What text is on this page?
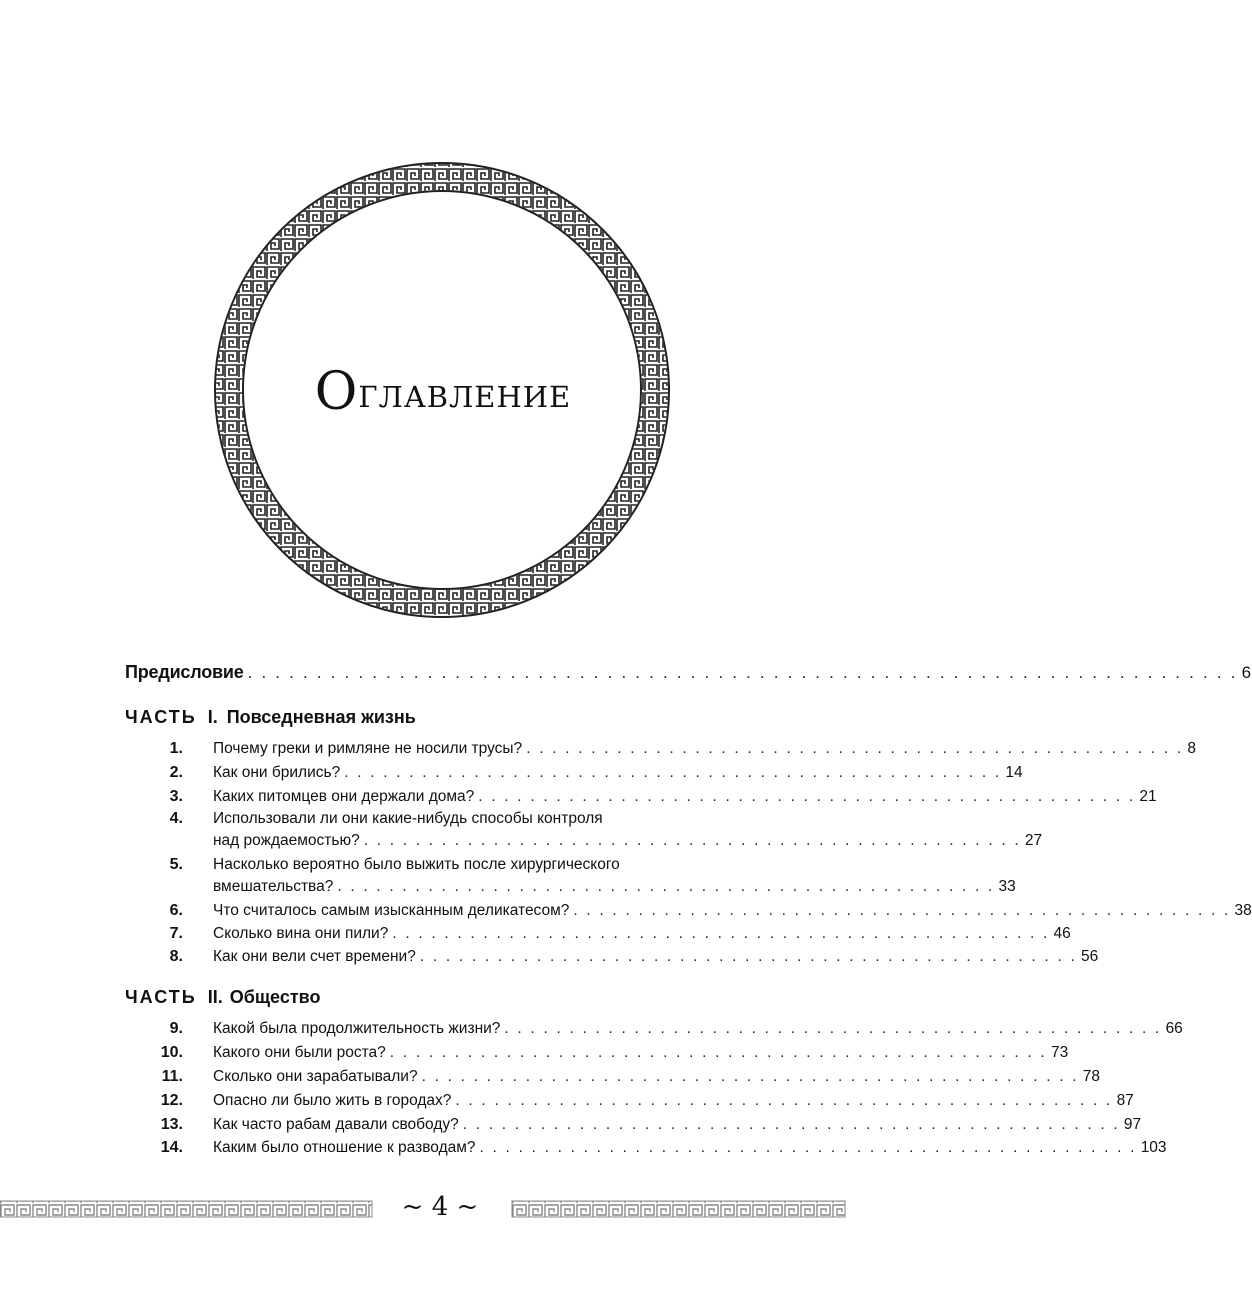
О главление
Предисловие . . . . . . . . . . . . . . . . . . . . . . . . . . . . . . . . . . . . . . . . . . . . . . . . . . . . . . . . . . . . . . . . . . . . . . . . 6
ЧАСТЬ I. Повседневная жизнь
1. Почему греки и римляне не носили трусы? . . . . . . . . . . . . . . . . . . . . . . . . . . . . . . . . . . . . . . . . . . . . . . . . . . . 8
2. Как они брились? . . . . . . . . . . . . . . . . . . . . . . . . . . . . . . . . . . . . . . . . . . . . . . . . . . . 14
3. Каких питомцев они держали дома? . . . . . . . . . . . . . . . . . . . . . . . . . . . . . . . . . . . . . . . . . . . . . . . . . . . 21
4. Использовали ли они какие-нибудь способы контроля
над рождаемостью? . . . . . . . . . . . . . . . . . . . . . . . . . . . . . . . . . . . . . . . . . . . . . . . . . . . 27
5. Насколько вероятно было выжить после хирургического
вмешательства? . . . . . . . . . . . . . . . . . . . . . . . . . . . . . . . . . . . . . . . . . . . . . . . . . . . 33
6. Что считалось самым изысканным деликатесом? . . . . . . . . . . . . . . . . . . . . . . . . . . . . . . . . . . . . . . . . . . . . . . . . . . . 38
7. Сколько вина они пили? . . . . . . . . . . . . . . . . . . . . . . . . . . . . . . . . . . . . . . . . . . . . . . . . . . . 46
8. Как они вели счет времени? . . . . . . . . . . . . . . . . . . . . . . . . . . . . . . . . . . . . . . . . . . . . . . . . . . . 56
ЧАСТЬ II. Общество
9. Какой была продолжительность жизни? . . . . . . . . . . . . . . . . . . . . . . . . . . . . . . . . . . . . . . . . . . . . . . . . . . . 66
10. Какого они были роста? . . . . . . . . . . . . . . . . . . . . . . . . . . . . . . . . . . . . . . . . . . . . . . . . . . . 73
11. Сколько они зарабатывали? . . . . . . . . . . . . . . . . . . . . . . . . . . . . . . . . . . . . . . . . . . . . . . . . . . . 78
12. Опасно ли было жить в городах? . . . . . . . . . . . . . . . . . . . . . . . . . . . . . . . . . . . . . . . . . . . . . . . . . . . 87
13. Как часто рабам давали свободу? . . . . . . . . . . . . . . . . . . . . . . . . . . . . . . . . . . . . . . . . . . . . . . . . . . . 97
14. Каким было отношение к разводам? . . . . . . . . . . . . . . . . . . . . . . . . . . . . . . . . . . . . . . . . . . . . . . . . . . . 103
~ 4 ~
